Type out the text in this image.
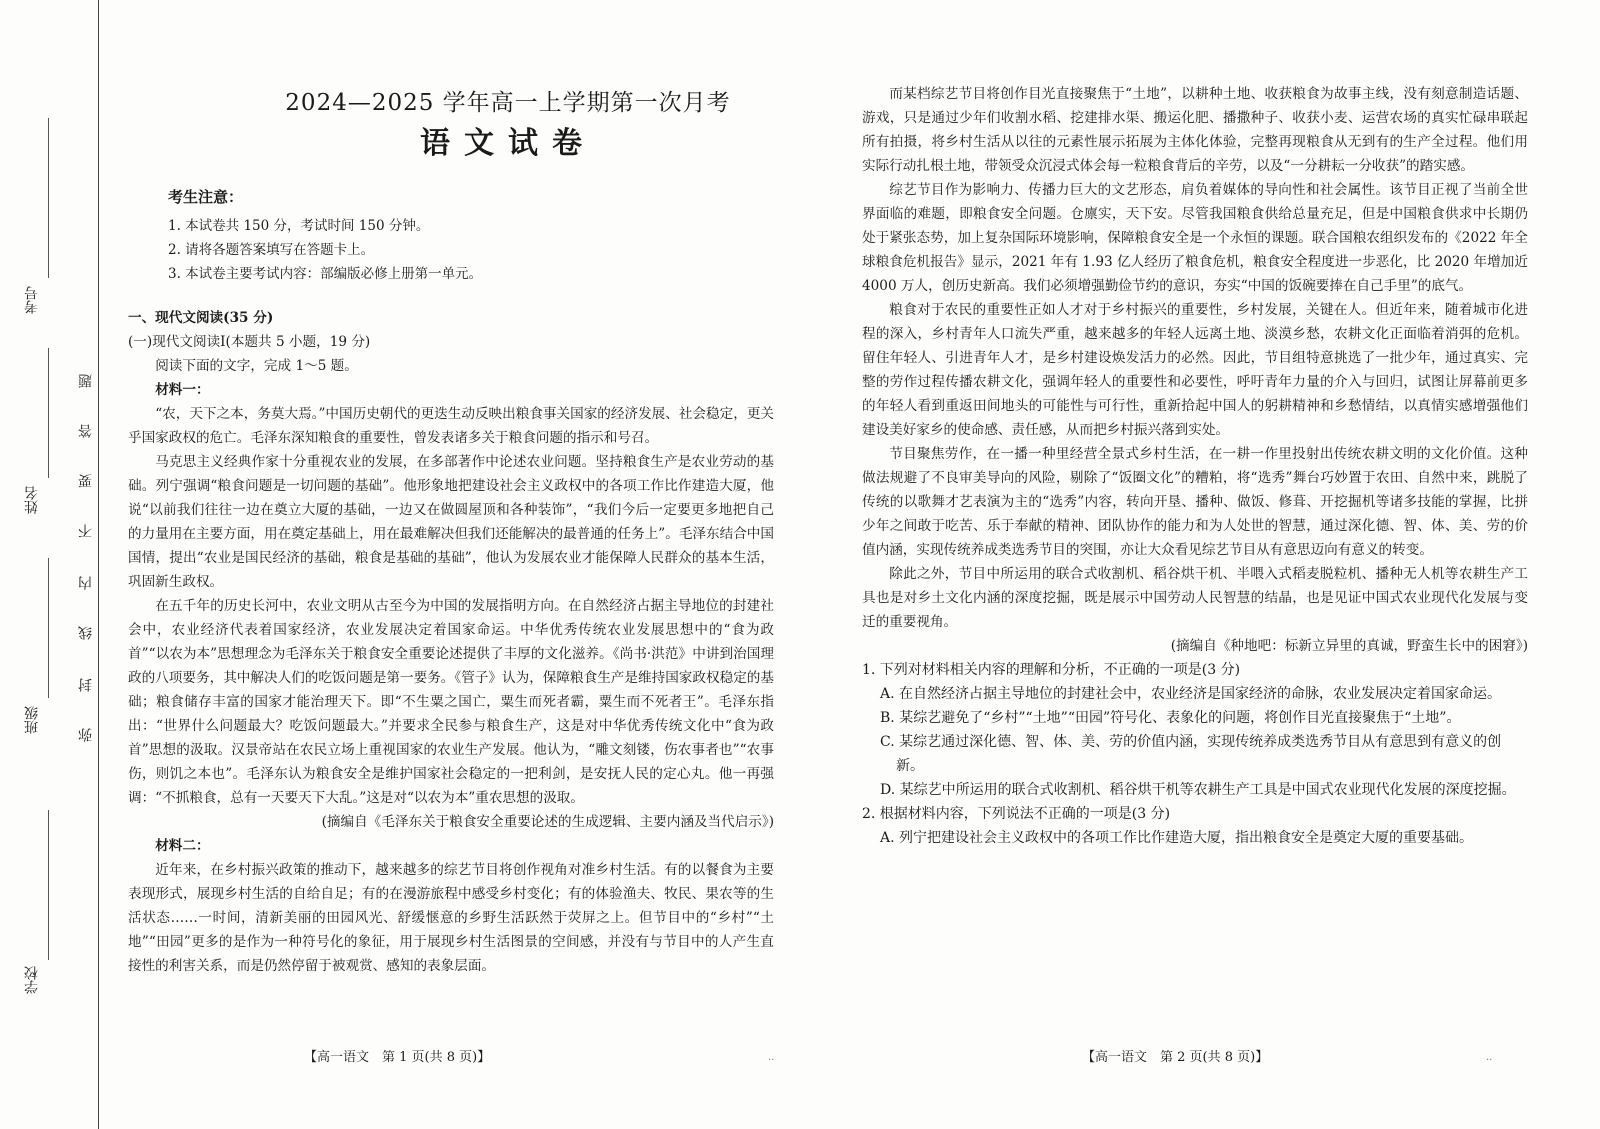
考号
姓名
班级
学校
弥
封
线
内
不
要
答
题
2024—2025 学年高一上学期第一次月考
语文试卷
考生注意：
1. 本试卷共 150 分，考试时间 150 分钟。
2. 请将各题答案填写在答题卡上。
3. 本试卷主要考试内容：部编版必修上册第一单元。

一、现代文阅读(35 分)

(一)现代文阅读Ⅰ(本题共 5 小题，19 分)

阅读下面的文字，完成 1～5 题。

材料一：

“农，天下之本，务莫大焉。”中国历史朝代的更迭生动反映出粮食事关国家的经济发展、社会稳定，更关乎国家政权的危亡。毛泽东深知粮食的重要性，曾发表诸多关于粮食问题的指示和号召。

马克思主义经典作家十分重视农业的发展，在多部著作中论述农业问题。坚持粮食生产是农业劳动的基础。列宁强调“粮食问题是一切问题的基础”。他形象地把建设社会主义政权中的各项工作比作建造大厦，他说“以前我们往往一边在奠立大厦的基础，一边又在做圆屋顶和各种装饰”，“我们今后一定要更多地把自己的力量用在主要方面，用在奠定基础上，用在最难解决但我们还能解决的最普通的任务上”。毛泽东结合中国国情，提出“农业是国民经济的基础，粮食是基础的基础”，他认为发展农业才能保障人民群众的基本生活，巩固新生政权。

在五千年的历史长河中，农业文明从古至今为中国的发展指明方向。在自然经济占据主导地位的封建社会中，农业经济代表着国家经济，农业发展决定着国家命运。中华优秀传统农业发展思想中的“食为政首”“以农为本”思想理念为毛泽东关于粮食安全重要论述提供了丰厚的文化滋养。《尚书·洪范》中讲到治国理政的八项要务，其中解决人们的吃饭问题是第一要务。《管子》认为，保障粮食生产是维持国家政权稳定的基础；粮食储存丰富的国家才能治理天下。即“不生粟之国亡，粟生而死者霸，粟生而不死者王”。毛泽东指出：“世界什么问题最大？吃饭问题最大。”并要求全民参与粮食生产，这是对中华优秀传统文化中“食为政首”思想的汲取。汉景帝站在农民立场上重视国家的农业生产发展。他认为，“雕文刻镂，伤农事者也”“农事伤，则饥之本也”。毛泽东认为粮食安全是维护国家社会稳定的一把利剑，是安抚人民的定心丸。他一再强调：“不抓粮食，总有一天要天下大乱。”这是对“以农为本”重农思想的汲取。

(摘编自《毛泽东关于粮食安全重要论述的生成逻辑、主要内涵及当代启示》)

材料二：

近年来，在乡村振兴政策的推动下，越来越多的综艺节目将创作视角对准乡村生活。有的以餐食为主要表现形式，展现乡村生活的自给自足；有的在漫游旅程中感受乡村变化；有的体验渔夫、牧民、果农等的生活状态……一时间，清新美丽的田园风光、舒缓惬意的乡野生活跃然于荧屏之上。但节目中的“乡村”“土地”“田园”更多的是作为一种符号化的象征，用于展现乡村生活图景的空间感，并没有与节目中的人产生直接性的利害关系，而是仍然停留于被观赏、感知的表象层面。

【高一语文　第 1 页(共 8 页)】	..

而某档综艺节目将创作目光直接聚焦于“土地”，以耕种土地、收获粮食为故事主线，没有刻意制造话题、游戏，只是通过少年们收割水稻、挖建排水渠、搬运化肥、播撒种子、收获小麦、运营农场的真实忙碌串联起所有拍摄，将乡村生活从以往的元素性展示拓展为主体化体验，完整再现粮食从无到有的生产全过程。他们用实际行动扎根土地，带领受众沉浸式体会每一粒粮食背后的辛劳，以及“一分耕耘一分收获”的踏实感。

综艺节目作为影响力、传播力巨大的文艺形态，肩负着媒体的导向性和社会属性。该节目正视了当前全世界面临的难题，即粮食安全问题。仓廪实，天下安。尽管我国粮食供给总量充足，但是中国粮食供求中长期仍处于紧张态势，加上复杂国际环境影响，保障粮食安全是一个永恒的课题。联合国粮农组织发布的《2022 年全球粮食危机报告》显示，2021 年有 1.93 亿人经历了粮食危机，粮食安全程度进一步恶化，比 2020 年增加近 4000 万人，创历史新高。我们必须增强勤俭节约的意识，夯实“中国的饭碗要捧在自己手里”的底气。

粮食对于农民的重要性正如人才对于乡村振兴的重要性，乡村发展，关键在人。但近年来，随着城市化进程的深入，乡村青年人口流失严重，越来越多的年轻人远离土地、淡漠乡愁，农耕文化正面临着消弭的危机。留住年轻人、引进青年人才，是乡村建设焕发活力的必然。因此，节目组特意挑选了一批少年，通过真实、完整的劳作过程传播农耕文化，强调年轻人的重要性和必要性，呼吁青年力量的介入与回归，试图让屏幕前更多的年轻人看到重返田间地头的可能性与可行性，重新拾起中国人的躬耕精神和乡愁情结，以真情实感增强他们建设美好家乡的使命感、责任感，从而把乡村振兴落到实处。

节目聚焦劳作，在一播一种里经营全景式乡村生活，在一耕一作里投射出传统农耕文明的文化价值。这种做法规避了不良审美导向的风险，剔除了“饭圈文化”的糟粕，将“选秀”舞台巧妙置于农田、自然中来，跳脱了传统的以歌舞才艺表演为主的“选秀”内容，转向开垦、播种、做饭、修葺、开挖掘机等诸多技能的掌握，比拼少年之间敢于吃苦、乐于奉献的精神、团队协作的能力和为人处世的智慧，通过深化德、智、体、美、劳的价值内涵，实现传统养成类选秀节目的突围，亦让大众看见综艺节目从有意思迈向有意义的转变。

除此之外，节目中所运用的联合式收割机、稻谷烘干机、半喂入式稻麦脱粒机、播种无人机等农耕生产工具也是对乡土文化内涵的深度挖掘，既是展示中国劳动人民智慧的结晶，也是见证中国式农业现代化发展与变迁的重要视角。

(摘编自《种地吧：标新立异里的真诚，野蛮生长中的困窘》)

1. 下列对材料相关内容的理解和分析，不正确的一项是(3 分)

A. 在自然经济占据主导地位的封建社会中，农业经济是国家经济的命脉，农业发展决定着国家命运。

B. 某综艺避免了“乡村”“土地”“田园”符号化、表象化的问题，将创作目光直接聚焦于“土地”。

C. 某综艺通过深化德、智、体、美、劳的价值内涵，实现传统养成类选秀节目从有意思到有意义的创新。

D. 某综艺中所运用的联合式收割机、稻谷烘干机等农耕生产工具是中国式农业现代化发展的深度挖掘。

2. 根据材料内容，下列说法不正确的一项是(3 分)

A. 列宁把建设社会主义政权中的各项工作比作建造大厦，指出粮食安全是奠定大厦的重要基础。

【高一语文　第 2 页(共 8 页)】	..
